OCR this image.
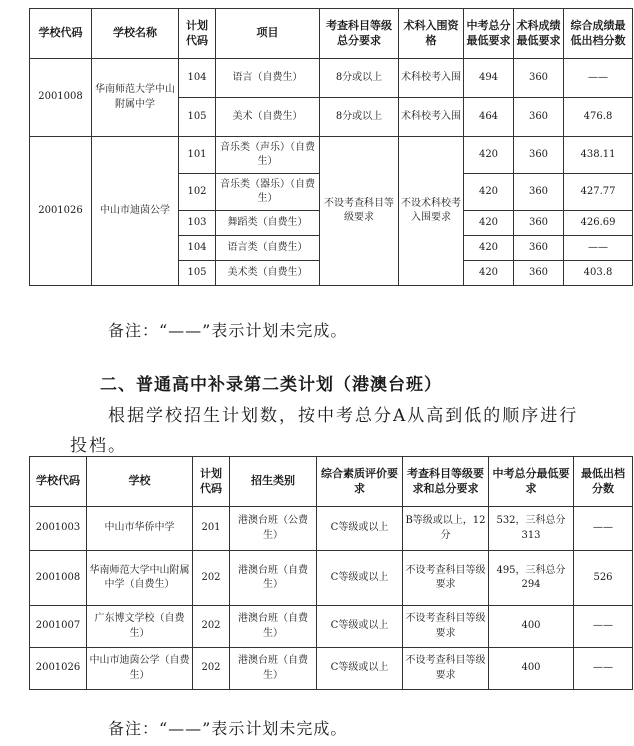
学校代码	学校名称	计划代码	项目	考查科目等级总分要求	术科入围资格	中考总分最低要求	术科成绩最低要求	综合成绩最低出档分数
2001008	华南师范大学中山附属中学	104	语言（自费生）	8分或以上	术科校考入围	494	360	——
		105	美术（自费生）	8分或以上	术科校考入围	464	360	476.8
2001026	中山市迪茵公学	101	音乐类（声乐）（自费生）	不设考查科目等级要求	不设术科校考入围要求	420	360	438.11
		102	音乐类（器乐）（自费生）			420	360	427.77
		103	舞蹈类（自费生）			420	360	426.69
		104	语言类（自费生）			420	360	——
		105	美术类（自费生）			420	360	403.8
备注：“——”表示计划未完成。
二、普通高中补录第二类计划（港澳台班）
根据学校招生计划数，按中考总分A从高到低的顺序进行
投档。
学校代码	学校	计划代码	招生类别	综合素质评价要求	考查科目等级要求和总分要求	中考总分最低要求	最低出档分数
2001003	中山市华侨中学	201	港澳台班（公费生）	C等级或以上	B等级或以上，12分	532，三科总分313	——
2001008	华南师范大学中山附属中学（自费生）	202	港澳台班（自费生）	C等级或以上	不设考查科目等级要求	495，三科总分294	526
2001007	广东博文学校（自费生）	202	港澳台班（自费生）	C等级或以上	不设考查科目等级要求	400	——
2001026	中山市迪茵公学（自费生）	202	港澳台班（自费生）	C等级或以上	不设考查科目等级要求	400	——
备注：“——”表示计划未完成。
